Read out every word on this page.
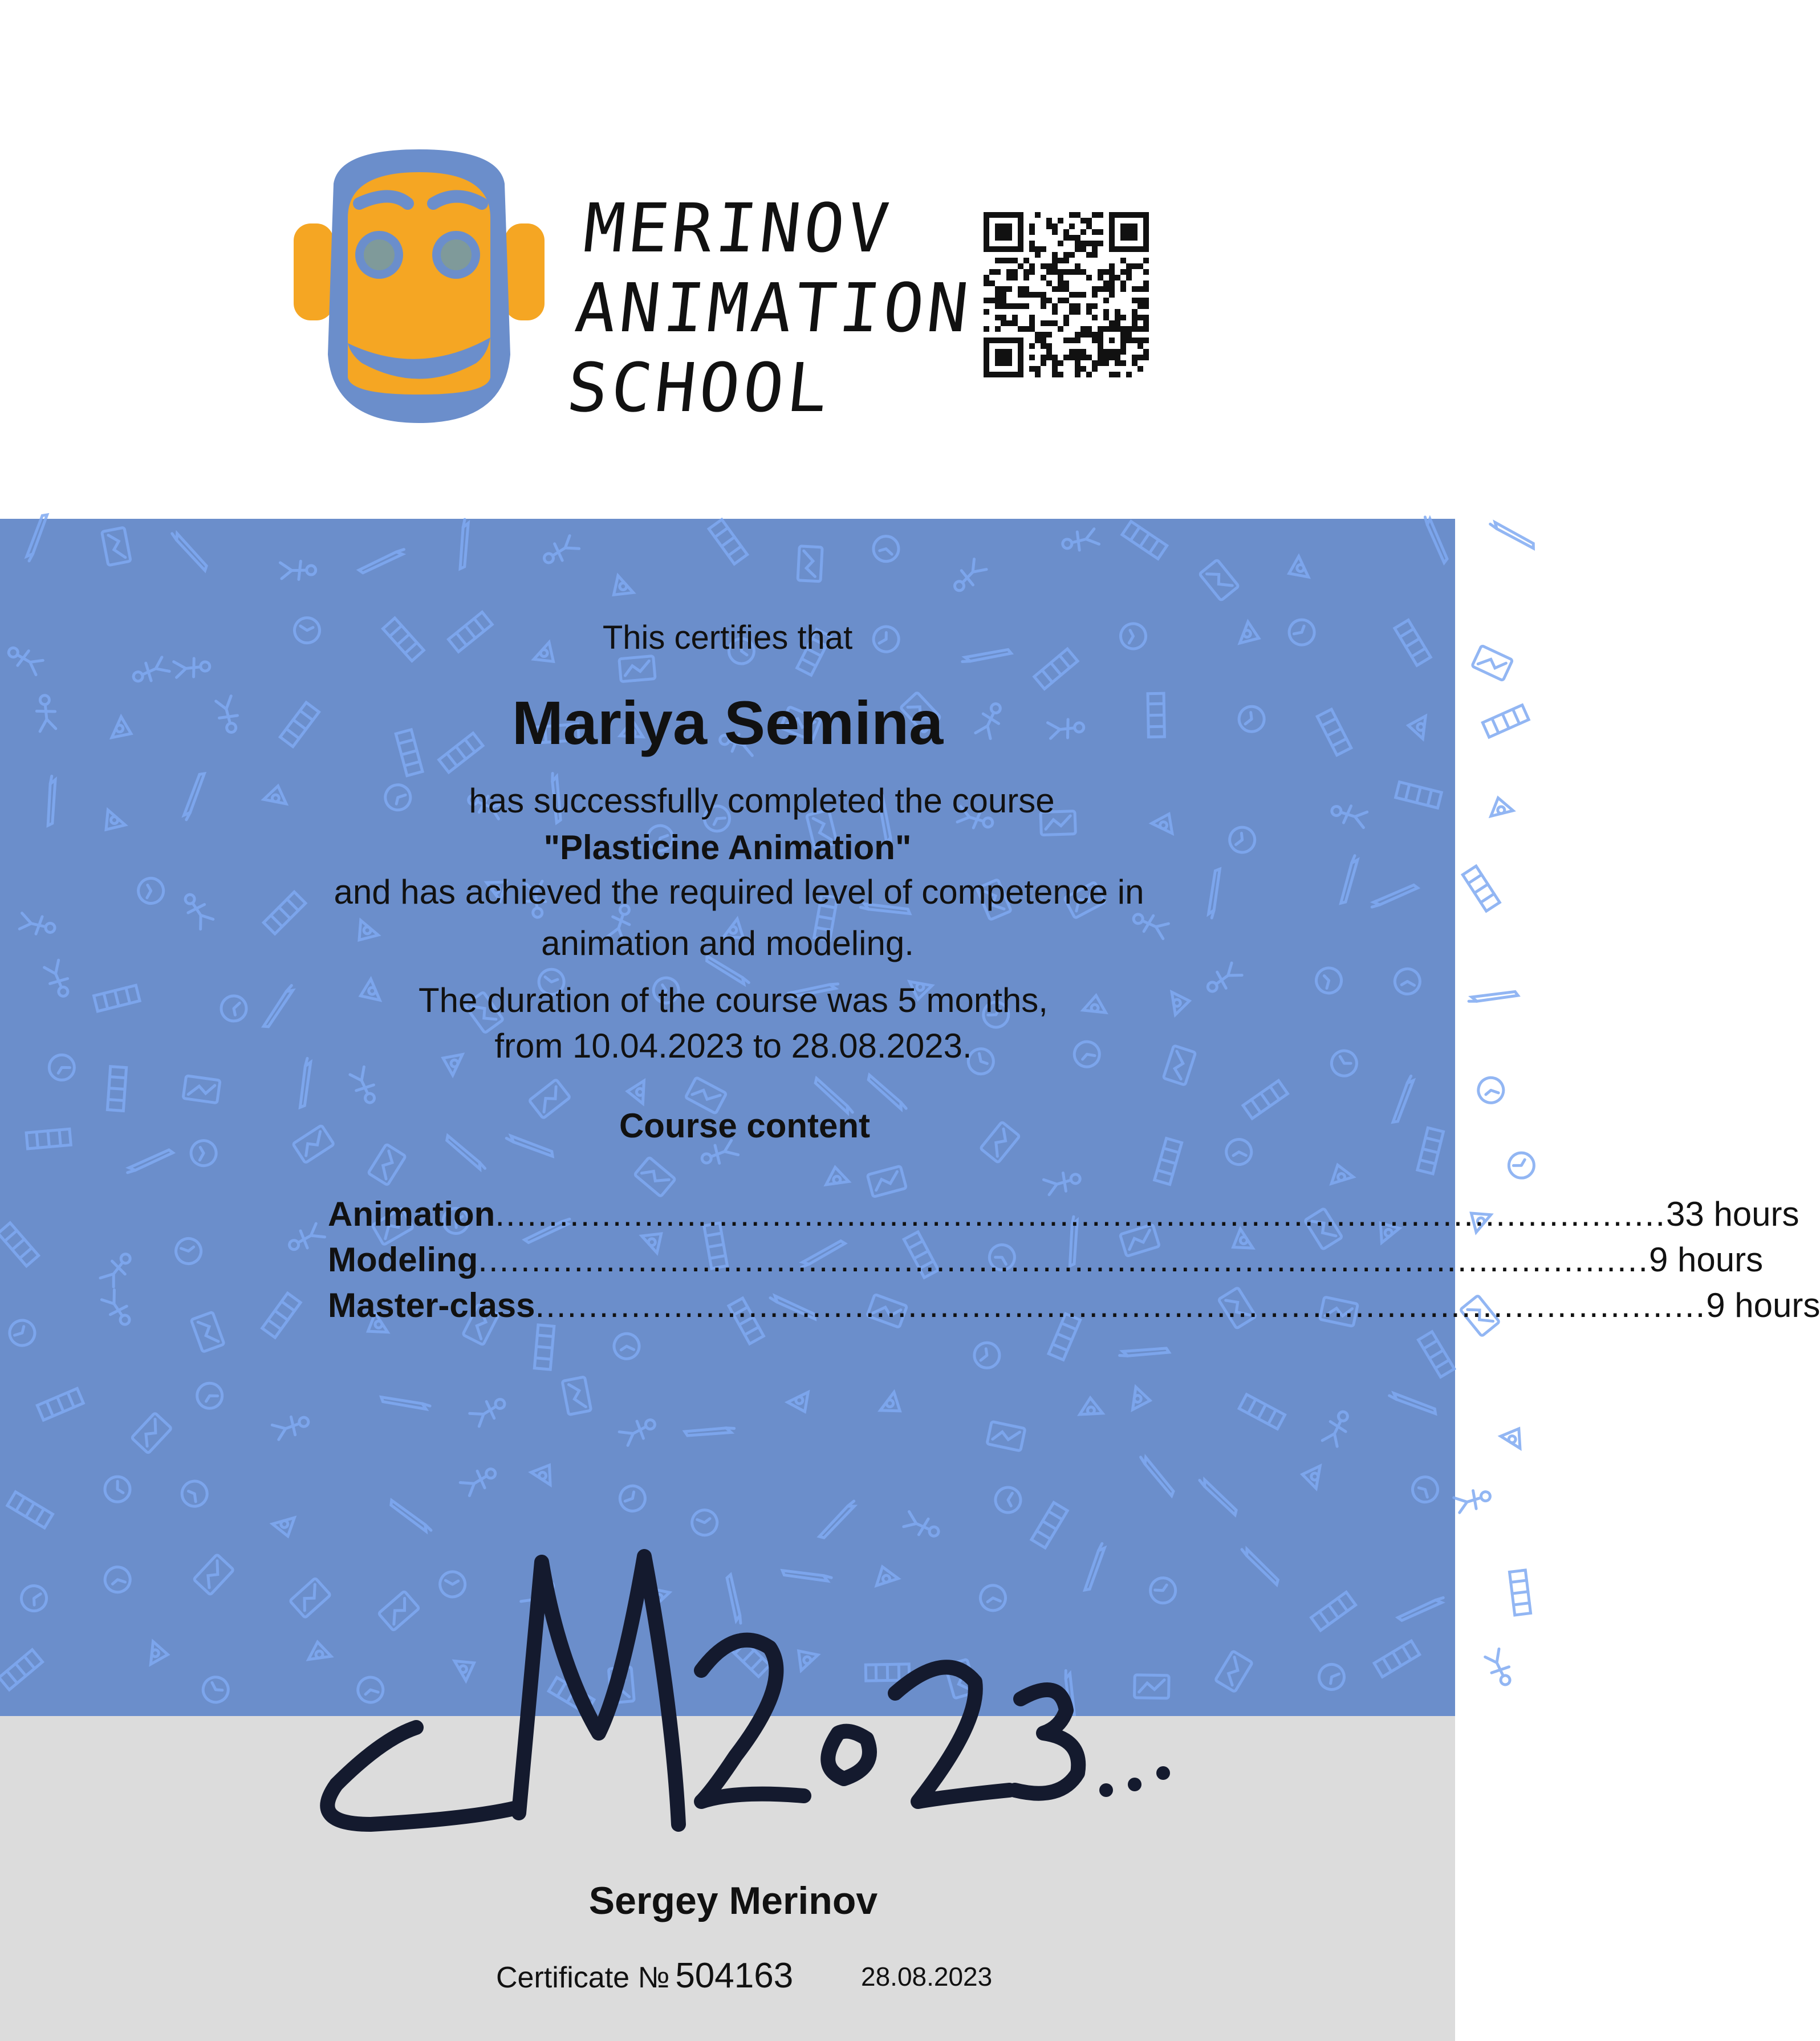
MERINOV
ANIMATION
SCHOOL
This certifies that
Mariya Semina
has successfully completed the course
"Plasticine Animation"
and has achieved the required level of competence in
animation and modeling.
The duration of the course was 5 months,
from 10.04.2023 to 28.08.2023.
Course content
Animation .............................................................................................................. 33 hours
Modeling .............................................................................................................. 9 hours
Master-class .............................................................................................................. 9 hours
Sergey Merinov
Certificate № 504163	28.08.2023
